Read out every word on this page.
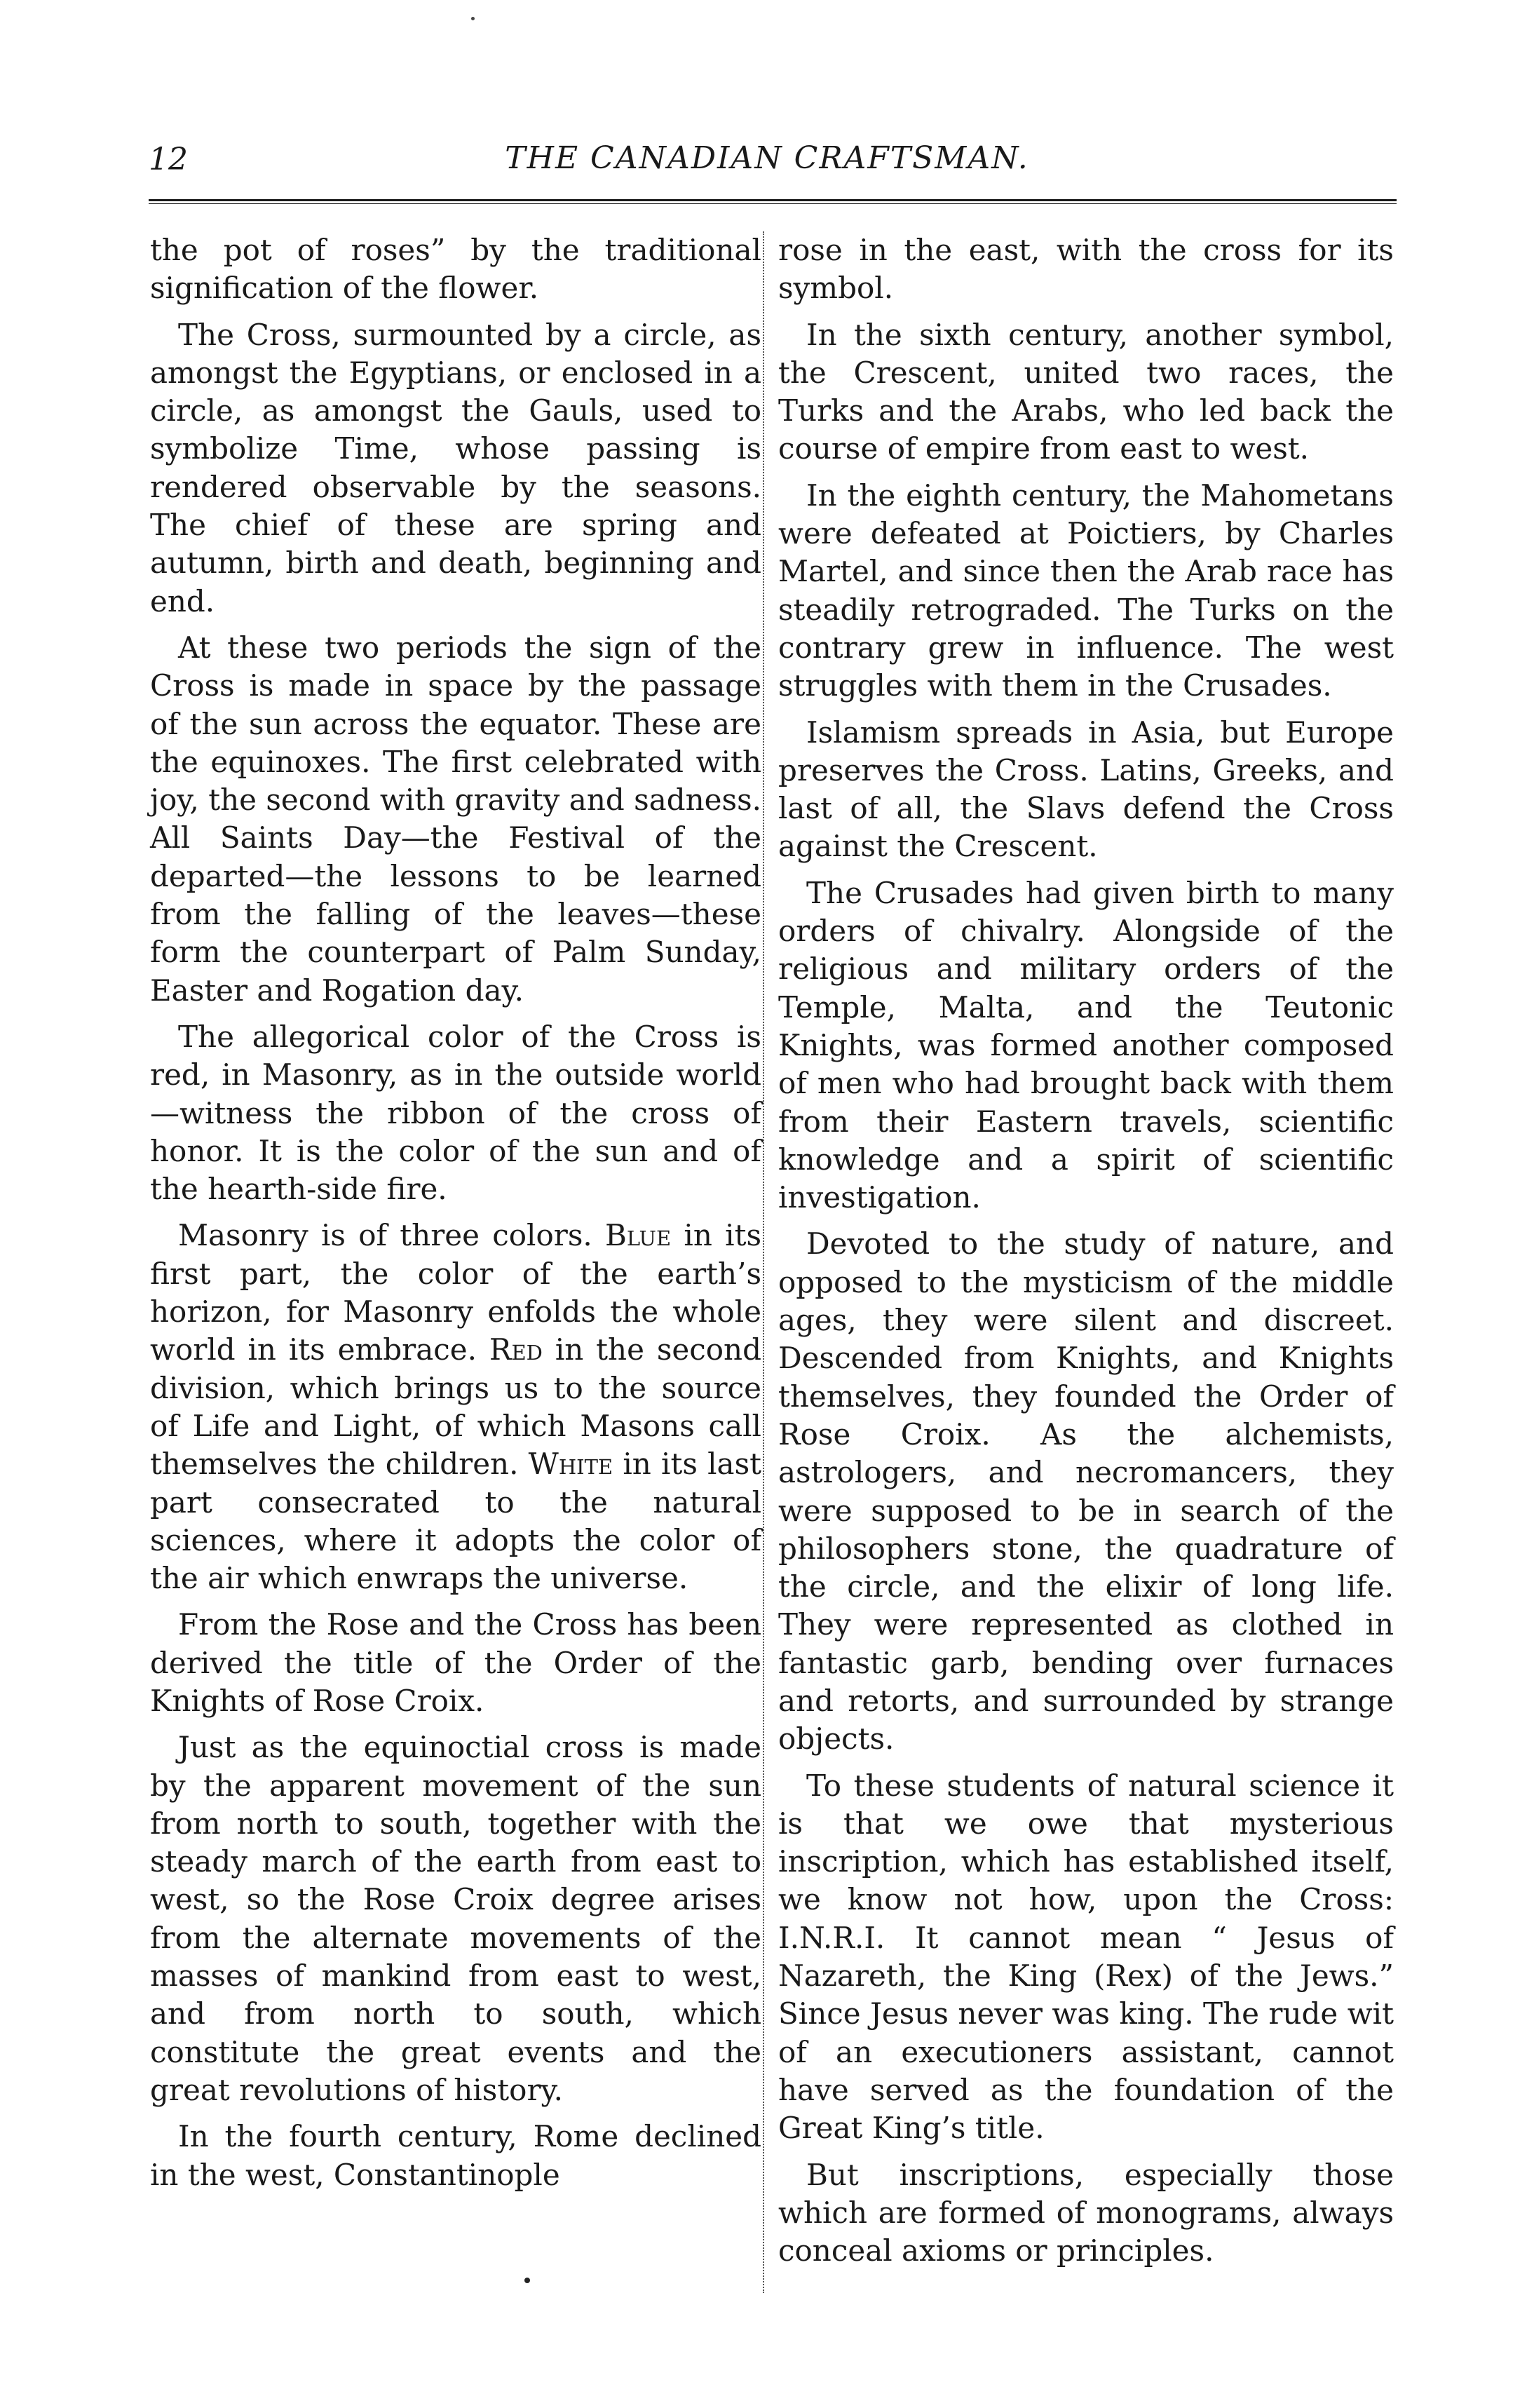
12	THE CANADIAN CRAFTSMAN.

the pot of roses” by the traditional signification of the flower.

The Cross, surmounted by a circle, as amongst the Egyptians, or enclosed in a circle, as amongst the Gauls, used to symbolize Time, whose passing is rendered observable by the seasons. The chief of these are spring and autumn, birth and death, beginning and end.

At these two periods the sign of the Cross is made in space by the passage of the sun across the equator. These are the equinoxes. The first celebrated with joy, the second with gravity and sadness. All Saints Day—the Festival of the departed—the lessons to be learned from the falling of the leaves—these form the counterpart of Palm Sunday, Easter and Rogation day.

The allegorical color of the Cross is red, in Masonry, as in the outside world—witness the ribbon of the cross of honor. It is the color of the sun and of the hearth-side fire.

Masonry is of three colors. Blue in its first part, the color of the earth’s horizon, for Masonry enfolds the whole world in its embrace. Red in the second division, which brings us to the source of Life and Light, of which Masons call themselves the children. White in its last part consecrated to the natural sciences, where it adopts the color of the air which enwraps the universe.

From the Rose and the Cross has been derived the title of the Order of the Knights of Rose Croix.

Just as the equinoctial cross is made by the apparent movement of the sun from north to south, together with the steady march of the earth from east to west, so the Rose Croix degree arises from the alternate movements of the masses of mankind from east to west, and from north to south, which constitute the great events and the great revolutions of history.

In the fourth century, Rome declined in the west, Constantinople

rose in the east, with the cross for its symbol.

In the sixth century, another symbol, the Crescent, united two races, the Turks and the Arabs, who led back the course of empire from east to west.

In the eighth century, the Mahometans were defeated at Poictiers, by Charles Martel, and since then the Arab race has steadily retrograded. The Turks on the contrary grew in influence. The west struggles with them in the Crusades.

Islamism spreads in Asia, but Europe preserves the Cross. Latins, Greeks, and last of all, the Slavs defend the Cross against the Crescent.

The Crusades had given birth to many orders of chivalry. Alongside of the religious and military orders of the Temple, Malta, and the Teutonic Knights, was formed another composed of men who had brought back with them from their Eastern travels, scientific knowledge and a spirit of scientific investigation.

Devoted to the study of nature, and opposed to the mysticism of the middle ages, they were silent and discreet. Descended from Knights, and Knights themselves, they founded the Order of Rose Croix. As the alchemists, astrologers, and necromancers, they were supposed to be in search of the philosophers stone, the quadrature of the circle, and the elixir of long life. They were represented as clothed in fantastic garb, bending over furnaces and retorts, and surrounded by strange objects.

To these students of natural science it is that we owe that mysterious inscription, which has established itself, we know not how, upon the Cross: I.N.R.I. It cannot mean “ Jesus of Nazareth, the King (Rex) of the Jews.” Since Jesus never was king. The rude wit of an executioners assistant, cannot have served as the foundation of the Great King’s title.

But inscriptions, especially those which are formed of monograms, always conceal axioms or principles.
